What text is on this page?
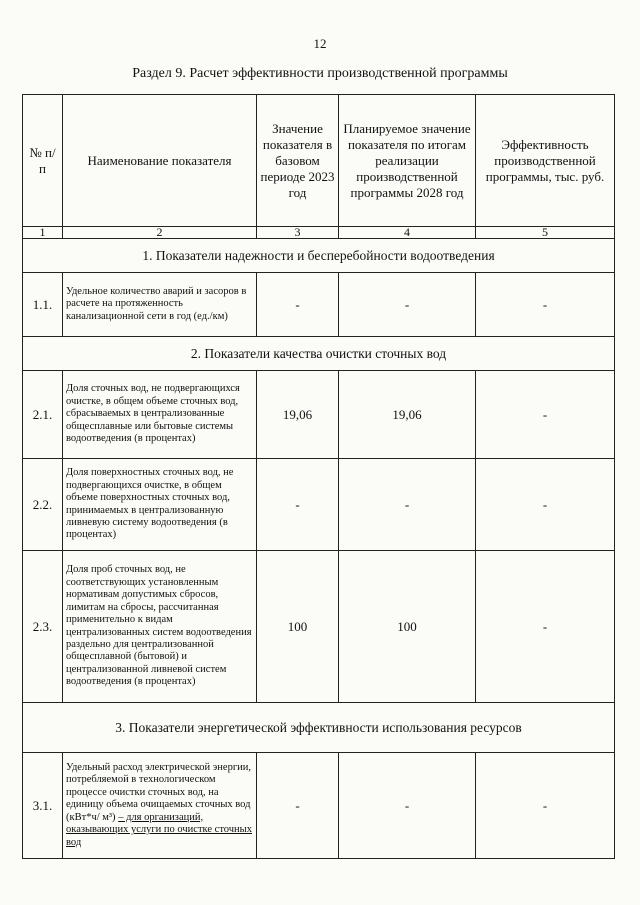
12
Раздел 9. Расчет эффективности производственной программы
№ п/п	Наименование показателя	Значение показателя в базовом периоде 2023 год	Планируемое значение показателя по итогам реализации производственной программы 2028 год	Эффективность производственной программы, тыс. руб.
1	2	3	4	5
1. Показатели надежности и бесперебойности водоотведения				
1.1.	Удельное количество аварий и засоров в расчете на протяженность канализационной сети в год (ед./км)	-	-	-
2. Показатели качества очистки сточных вод				
2.1.	Доля сточных вод, не подвергающихся очистке, в общем объеме сточных вод, сбрасываемых в централизованные общесплавные или бытовые системы водоотведения (в процентах)	19,06	19,06	-
2.2.	Доля поверхностных сточных вод, не подвергающихся очистке, в общем объеме поверхностных сточных вод, принимаемых в централизованную ливневую систему водоотведения (в процентах)	-	-	-
2.3.	Доля проб сточных вод, не соответствующих установленным нормативам допустимых сбросов, лимитам на сбросы, рассчитанная применительно к видам централизованных систем водоотведения раздельно для централизованной общесплавной (бытовой) и централизованной ливневой систем водоотведения (в процентах)	100	100	-
3. Показатели энергетической эффективности использования ресурсов				
3.1.	Удельный расход электрической энергии, потребляемой в технологическом процессе очистки сточных вод, на единицу объема очищаемых сточных вод (кВт*ч/ м³) – для организаций, оказывающих услуги по очистке сточных вод	-	-	-
